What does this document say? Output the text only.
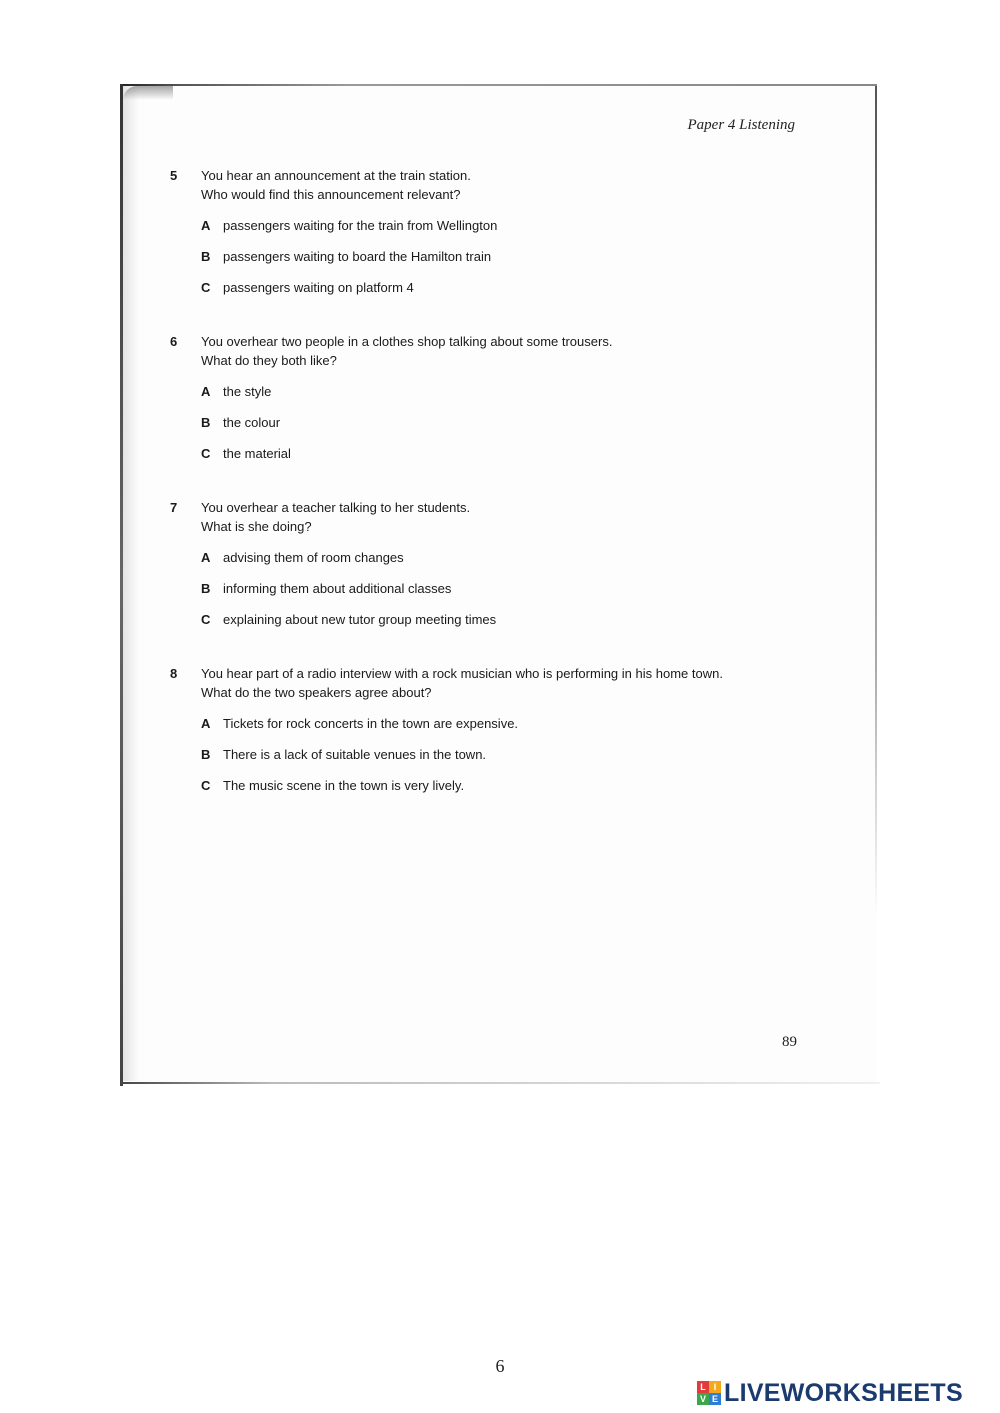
Paper 4 Listening
5 You hear an announcement at the train station.
Who would find this announcement relevant?
A passengers waiting for the train from Wellington
B passengers waiting to board the Hamilton train
C passengers waiting on platform 4
6 You overhear two people in a clothes shop talking about some trousers.
What do they both like?
A the style
B the colour
C the material
7 You overhear a teacher talking to her students.
What is she doing?
A advising them of room changes
B informing them about additional classes
C explaining about new tutor group meeting times
8 You hear part of a radio interview with a rock musician who is performing in his home town.
What do the two speakers agree about?
A Tickets for rock concerts in the town are expensive.
B There is a lack of suitable venues in the town.
C The music scene in the town is very lively.
89
6
L I
V E LIVEWORKSHEETS
